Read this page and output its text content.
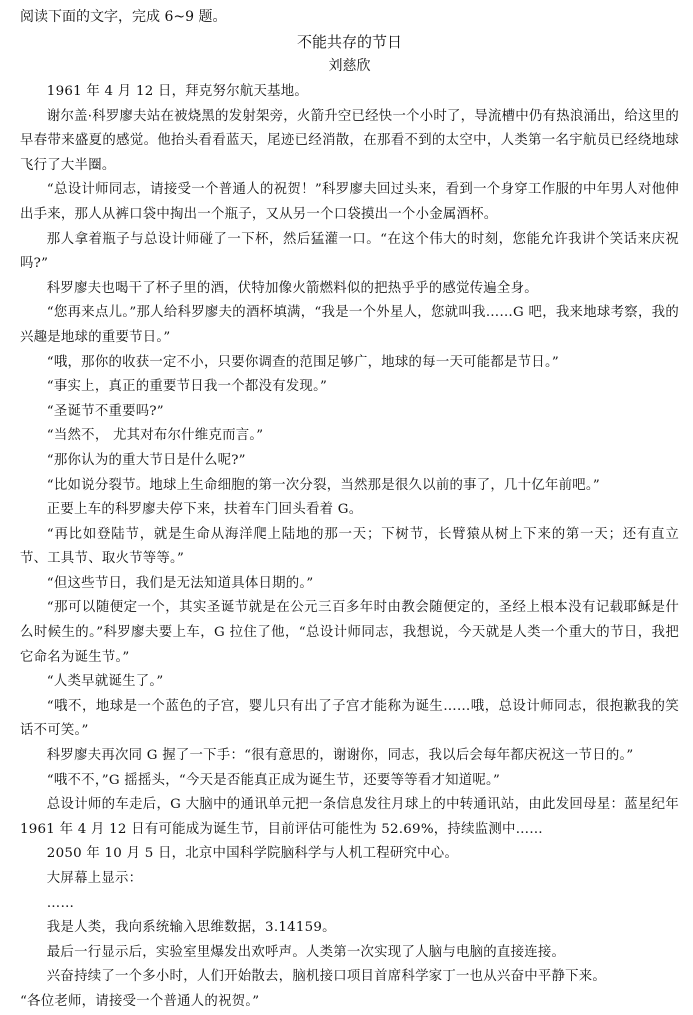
阅读下面的文字，完成 6~9 题。

不能共存的节日

刘慈欣

1961 年 4 月 12 日，拜克努尔航天基地。

谢尔盖·科罗廖夫站在被烧黑的发射架旁，火箭升空已经快一个小时了，导流槽中仍有热浪涌出，给这里的早春带来盛夏的感觉。他抬头看看蓝天，尾迹已经消散，在那看不到的太空中，人类第一名宇航员已经绕地球飞行了大半圈。

“总设计师同志，请接受一个普通人的祝贺！”科罗廖夫回过头来，看到一个身穿工作服的中年男人对他伸出手来，那人从裤口袋中掏出一个瓶子，又从另一个口袋摸出一个小金属酒杯。

那人拿着瓶子与总设计师碰了一下杯，然后猛灌一口。“在这个伟大的时刻，您能允许我讲个笑话来庆祝吗?”

科罗廖夫也喝干了杯子里的酒，伏特加像火箭燃料似的把热乎乎的感觉传遍全身。

“您再来点儿。”那人给科罗廖夫的酒杯填满，“我是一个外星人，您就叫我……G 吧，我来地球考察，我的兴趣是地球的重要节日。”

“哦，那你的收获一定不小，只要你调查的范围足够广，地球的每一天可能都是节日。”

“事实上，真正的重要节日我一个都没有发现。”

“圣诞节不重要吗?”

“当然不， 尤其对布尔什维克而言。”

“那你认为的重大节日是什么呢?”

“比如说分裂节。地球上生命细胞的第一次分裂，当然那是很久以前的事了，几十亿年前吧。”

正要上车的科罗廖夫停下来，扶着车门回头看着 G。

“再比如登陆节，就是生命从海洋爬上陆地的那一天；下树节，长臂猿从树上下来的第一天；还有直立节、工具节、取火节等等。”

“但这些节日，我们是无法知道具体日期的。”

“那可以随便定一个，其实圣诞节就是在公元三百多年时由教会随便定的，圣经上根本没有记载耶稣是什么时候生的。”科罗廖夫要上车，G 拉住了他，“总设计师同志，我想说，今天就是人类一个重大的节日，我把它命名为诞生节。”

“人类早就诞生了。”

“哦不，地球是一个蓝色的子宫，婴儿只有出了子宫才能称为诞生……哦，总设计师同志，很抱歉我的笑话不可笑。”

科罗廖夫再次同 G 握了一下手：“很有意思的，谢谢你，同志，我以后会每年都庆祝这一节日的。”

“哦不不，”G 摇摇头，“今天是否能真正成为诞生节，还要等等看才知道呢。”

总设计师的车走后，G 大脑中的通讯单元把一条信息发往月球上的中转通讯站，由此发回母星：蓝星纪年 1961 年 4 月 12 日有可能成为诞生节，目前评估可能性为 52.69%，持续监测中……

2050 年 10 月 5 日，北京中国科学院脑科学与人机工程研究中心。

大屏幕上显示：

……

我是人类，我向系统输入思维数据，3.14159。

最后一行显示后，实验室里爆发出欢呼声。人类第一次实现了人脑与电脑的直接连接。

兴奋持续了一个多小时，人们开始散去，脑机接口项目首席科学家丁一也从兴奋中平静下来。

“各位老师，请接受一个普通人的祝贺。”
